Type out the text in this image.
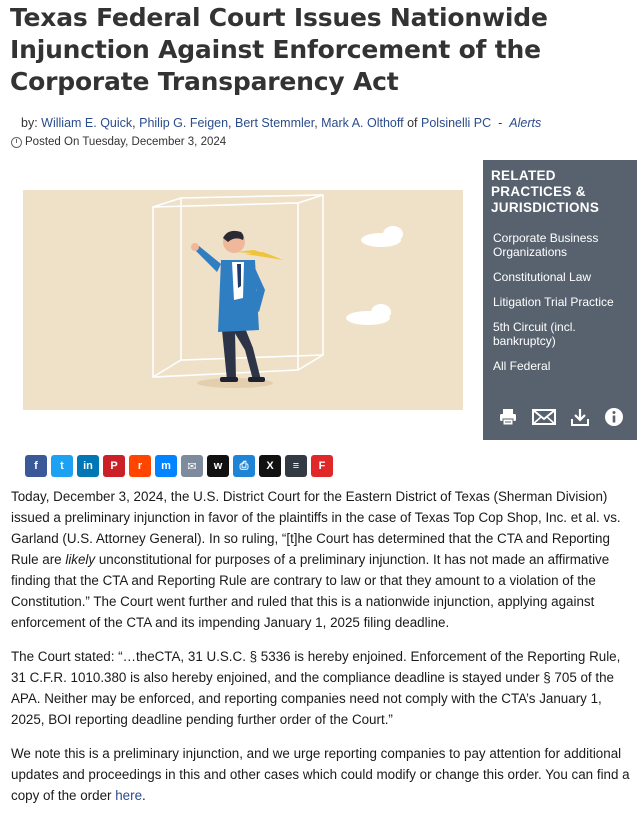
Texas Federal Court Issues Nationwide Injunction Against Enforcement of the Corporate Transparency Act
by: William E. Quick, Philip G. Feigen, Bert Stemmler, Mark A. Olthoff of Polsinelli PC - Alerts
Posted On Tuesday, December 3, 2024
RELATED PRACTICES & JURISDICTIONS
Corporate Business Organizations
Constitutional Law
Litigation Trial Practice
5th Circuit (incl. bankruptcy)
All Federal
f	t	in	P	r	m	✉	w	⎙	X	≡	F

Today, December 3, 2024, the U.S. District Court for the Eastern District of Texas (Sherman Division) issued a preliminary injunction in favor of the plaintiffs in the case of Texas Top Cop Shop, Inc. et al. vs. Garland (U.S. Attorney General). In so ruling, “[t]he Court has determined that the CTA and Reporting Rule are likely unconstitutional for purposes of a preliminary injunction. It has not made an affirmative finding that the CTA and Reporting Rule are contrary to law or that they amount to a violation of the Constitution.” The Court went further and ruled that this is a nationwide injunction, applying against enforcement of the CTA and its impending January 1, 2025 filing deadline.

The Court stated: “…theCTA, 31 U.S.C. § 5336 is hereby enjoined. Enforcement of the Reporting Rule, 31 C.F.R. 1010.380 is also hereby enjoined, and the compliance deadline is stayed under § 705 of the APA. Neither may be enforced, and reporting companies need not comply with the CTA’s January 1, 2025, BOI reporting deadline pending further order of the Court.”

We note this is a preliminary injunction, and we urge reporting companies to pay attention for additional updates and proceedings in this and other cases which could modify or change this order. You can find a copy of the order here.
